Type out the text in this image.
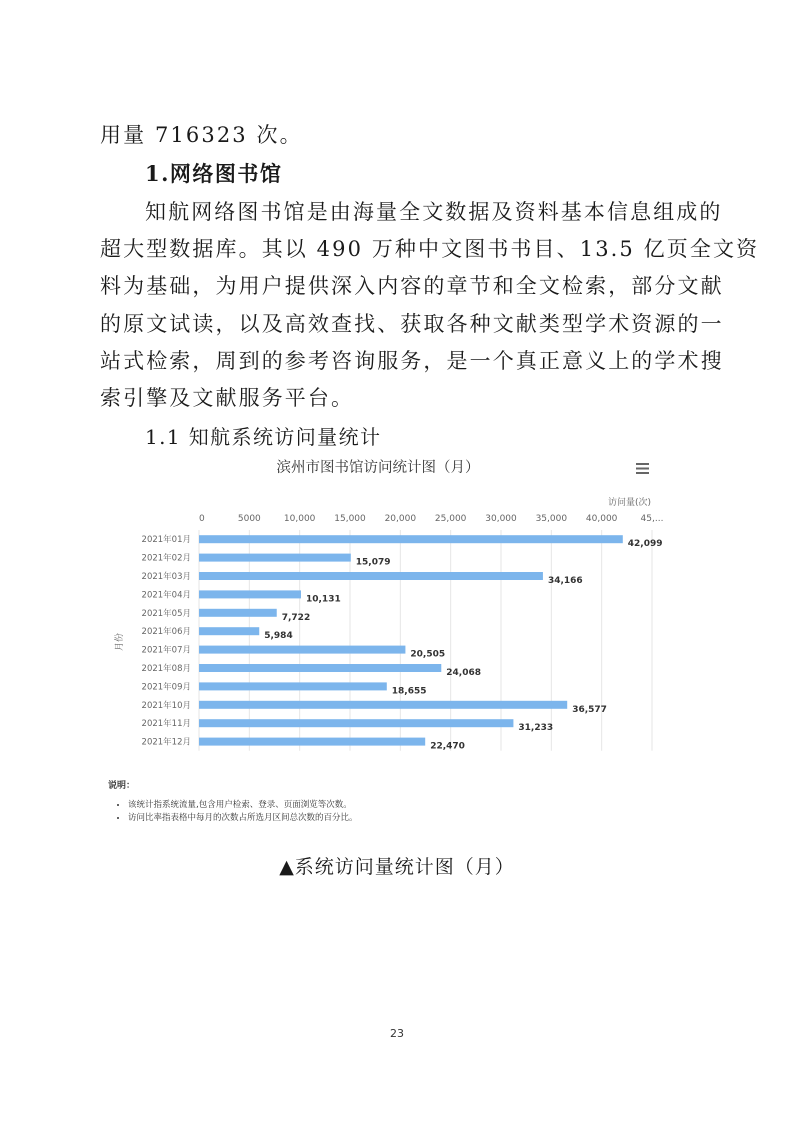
用量 716323 次。
1.网络图书馆
知航网络图书馆是由海量全文数据及资料基本信息组成的
超大型数据库。其以 490 万种中文图书书目、13.5 亿页全文资
料为基础，为用户提供深入内容的章节和全文检索，部分文献
的原文试读，以及高效查找、获取各种文献类型学术资源的一
站式检索，周到的参考咨询服务，是一个真正意义上的学术搜
索引擎及文献服务平台。
1.1 知航系统访问量统计
滨州市图书馆访问统计图（月）
访问量(次)
月份
0	5000	10,000 15,000 20,000 25,000 30,000 35,000 40,000	45,...
2021年01月
2021年02月
2021年03月
2021年04月
2021年05月
2021年06月
2021年07月
2021年08月
2021年09月
2021年10月
2021年11月
2021年12月
42,099
15,079
34,166
10,131
7,722
5,984
20,505
24,068
18,655
36,577
31,233
22,470
说明：
• 该统计指系统流量,包含用户检索、登录、页面浏览等次数。
• 访问比率指表格中每月的次数占所选月区间总次数的百分比。
▲系统访问量统计图（月）
23
